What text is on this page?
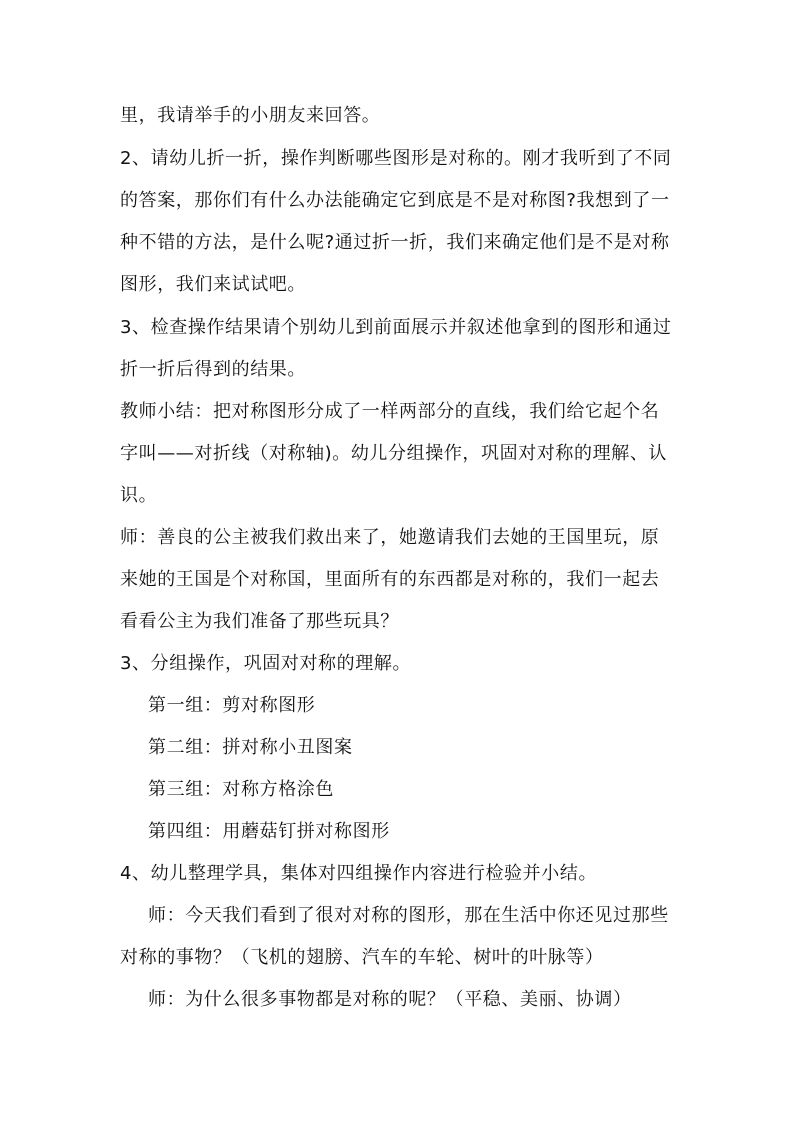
里，我请举手的小朋友来回答。
2、请幼儿折一折，操作判断哪些图形是对称的。刚才我听到了不同
的答案，那你们有什么办法能确定它到底是不是对称图?我想到了一
种不错的方法，是什么呢?通过折一折，我们来确定他们是不是对称
图形，我们来试试吧。
3、检查操作结果请个别幼儿到前面展示并叙述他拿到的图形和通过
折一折后得到的结果。
教师小结：把对称图形分成了一样两部分的直线，我们给它起个名
字叫——对折线（对称轴)。幼儿分组操作，巩固对对称的理解、认
识。
师：善良的公主被我们救出来了，她邀请我们去她的王国里玩，原
来她的王国是个对称国，里面所有的东西都是对称的，我们一起去
看看公主为我们准备了那些玩具？
3、分组操作，巩固对对称的理解。
第一组：剪对称图形
第二组：拼对称小丑图案
第三组：对称方格涂色
第四组：用蘑菇钉拼对称图形
4、幼儿整理学具，集体对四组操作内容进行检验并小结。
师：今天我们看到了很对对称的图形，那在生活中你还见过那些
对称的事物？（飞机的翅膀、汽车的车轮、树叶的叶脉等）
师：为什么很多事物都是对称的呢？（平稳、美丽、协调）
